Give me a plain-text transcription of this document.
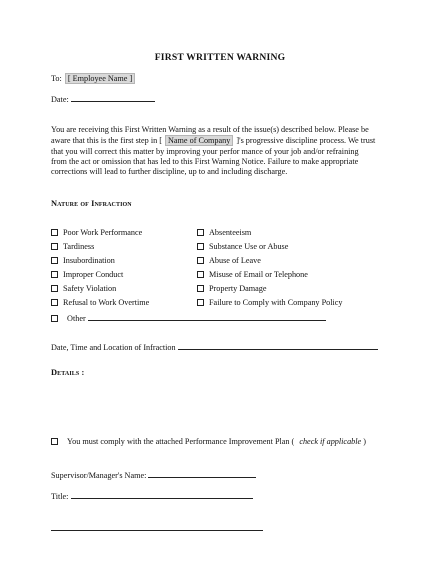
FIRST WRITTEN WARNING
To: [ Employee Name ]
Date:
You are receiving this First Written Warning as a result of the issue(s) described below. Please be
aware that this is the first step in [ Name of Company ]'s progressive discipline process. We trust
that you will correct this matter by improving your perfor mance of your job and/or refraining
from the act or omission that has led to this First Warning Notice. Failure to make appropriate
corrections will lead to further discipline, up to and including discharge.
Nature of Infraction
Poor Work Performance
Tardiness
Insubordination
Improper Conduct
Safety Violation
Refusal to Work Overtime
Absenteeism
Substance Use or Abuse
Abuse of Leave
Misuse of Email or Telephone
Property Damage
Failure to Comply with Company Policy
Other
Date, Time and Location of Infraction
Details :
You must comply with the attached Performance Improvement Plan ( check if applicable )
Supervisor/Manager's Name:
Title:
